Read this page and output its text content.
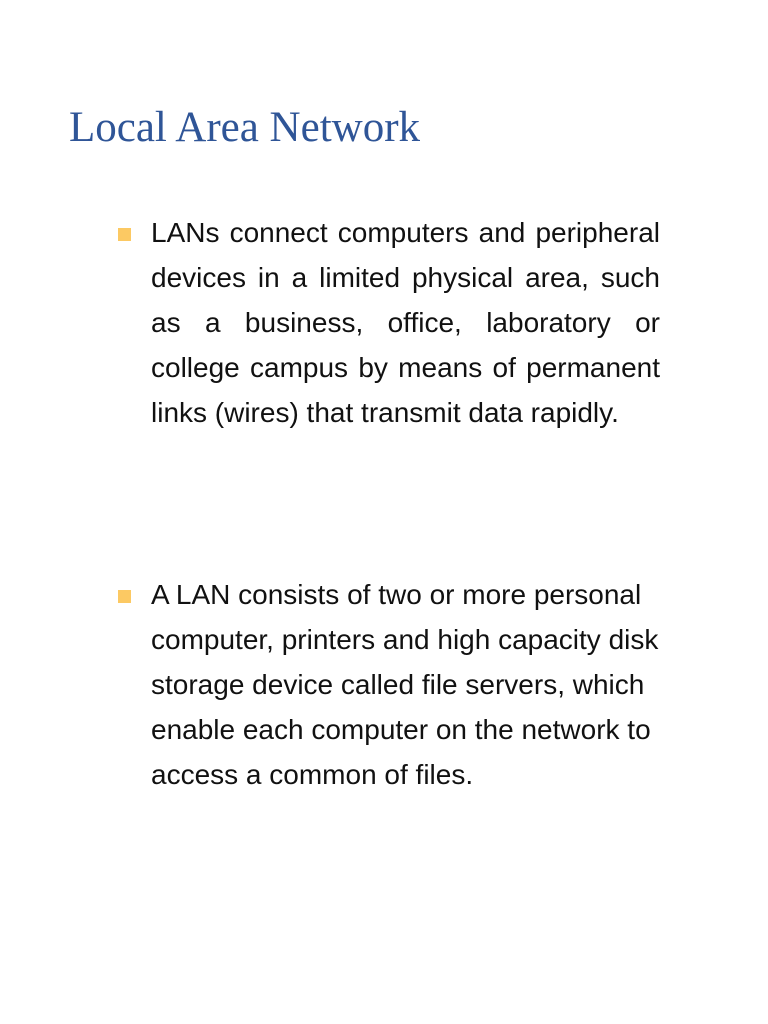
Local Area Network

LANs connect computers and peripheral devices in a limited physical area, such as a business, office, laboratory or college campus by means of permanent links (wires) that transmit data rapidly.

A LAN consists of two or more personal computer, printers and high capacity disk storage device called file servers, which enable each computer on the network to access a common of files.
